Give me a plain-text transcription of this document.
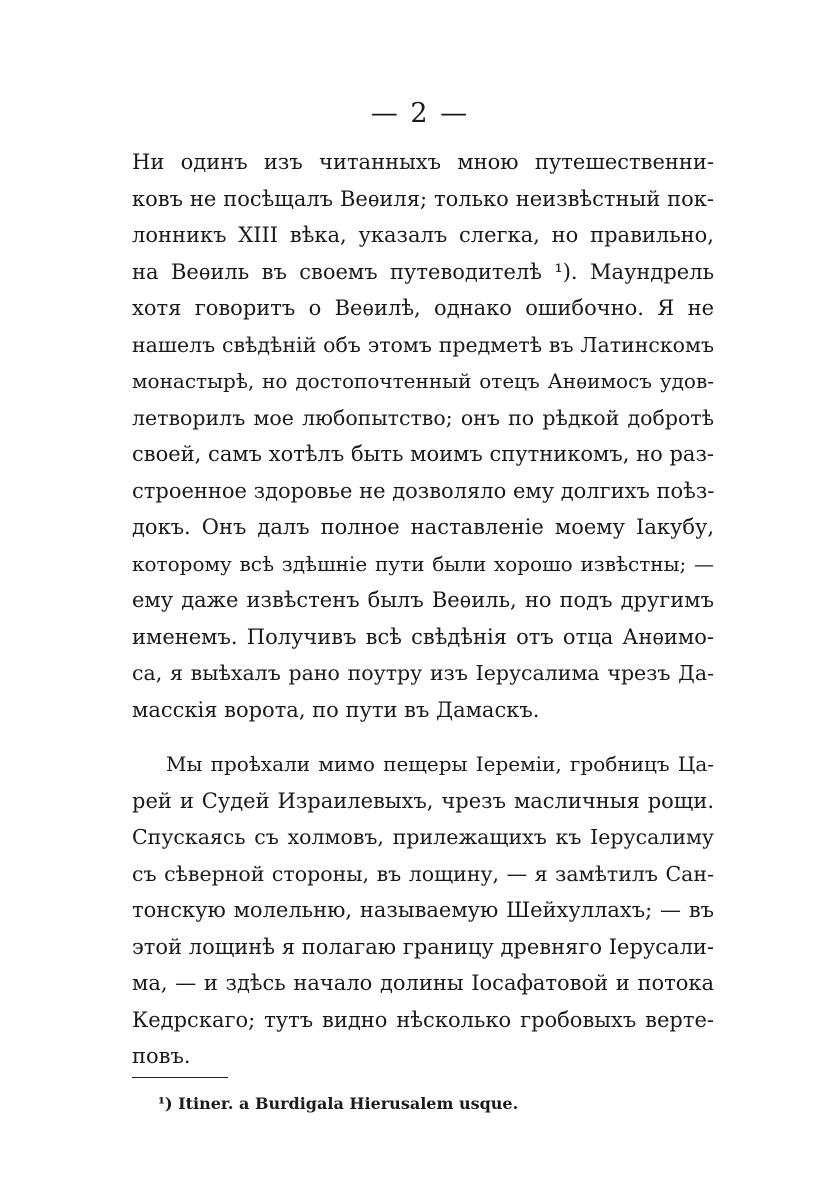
— 2 —
Ни одинъ изъ читанныхъ мною путешественни-
ковъ не посѣщалъ Веѳиля; только неизвѣстный пок-
лонникъ XIII вѣка, указалъ слегка, но правильно,
на Веѳиль въ своемъ путеводителѣ ¹). Маундрель
хотя говоритъ о Веѳилѣ, однако ошибочно. Я не
нашелъ свѣдѣній объ этомъ предметѣ въ Латинскомъ
монастырѣ, но достопочтенный отецъ Анѳимосъ удов-
летворилъ мое любопытство; онъ по рѣдкой добротѣ
своей, самъ хотѣлъ быть моимъ спутникомъ, но раз-
строенное здоровье не дозволяло ему долгихъ поѣз-
докъ. Онъ далъ полное наставленіе моему Іакубу,
которому всѣ здѣшніе пути были хорошо извѣстны; —
ему даже извѣстенъ былъ Веѳиль, но подъ другимъ
именемъ. Получивъ всѣ свѣдѣнія отъ отца Анѳимо-
са, я выѣхалъ рано поутру изъ Іерусалима чрезъ Да-
масскія ворота, по пути въ Дамаскъ.
Мы проѣхали мимо пещеры Іереміи, гробницъ Ца-
рей и Судей Израилевыхъ, чрезъ масличныя рощи.
Спускаясь съ холмовъ, прилежащихъ къ Іерусалиму
съ сѣверной стороны, въ лощину, — я замѣтилъ Сан-
тонскую молельню, называемую Шейхуллахъ; — въ
этой лощинѣ я полагаю границу древняго Іерусали-
ма, — и здѣсь начало долины Іосафатовой и потока
Кедрскаго; тутъ видно нѣсколько гробовыхъ верте-
повъ.
¹) Itiner. a Burdigala Hierusalem usque.
